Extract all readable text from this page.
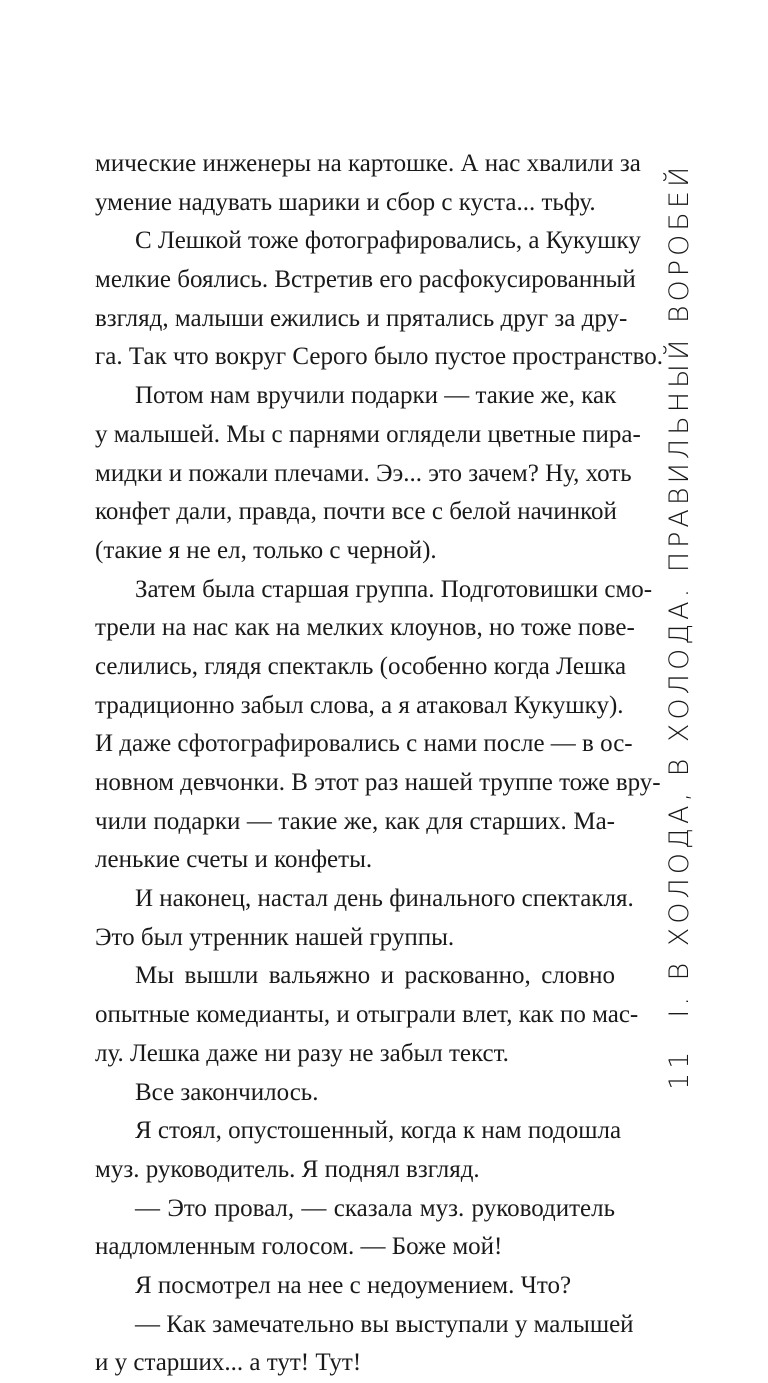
мические инженеры на картошке. А нас хвалили за
умение надувать шарики и сбор с куста... тьфу.
С Лешкой тоже фотографировались, а Кукушку
мелкие боялись. Встретив его расфокусированный
взгляд, малыши ежились и прятались друг за дру-
га. Так что вокруг Серого было пустое пространство.
Потом нам вручили подарки — такие же, как
у малышей. Мы с парнями оглядели цветные пира-
мидки и пожали плечами. Ээ... это зачем? Ну, хоть
конфет дали, правда, почти все с белой начинкой
(такие я не ел, только с черной).
Затем была старшая группа. Подготовишки смо-
трели на нас как на мелких клоунов, но тоже пове-
селились, глядя спектакль (особенно когда Лешка
традиционно забыл слова, а я атаковал Кукушку).
И даже сфотографировались с нами после — в ос-
новном девчонки. В этот раз нашей труппе тоже вру-
чили подарки — такие же, как для старших. Ма-
ленькие счеты и конфеты.
И наконец, настал день финального спектакля.
Это был утренник нашей группы.
Мы вышли вальяжно и раскованно, словно
опытные комедианты, и отыграли влет, как по мас-
лу. Лешка даже ни разу не забыл текст.
Все закончилось.
Я стоял, опустошенный, когда к нам подошла
муз. руководитель. Я поднял взгляд.
— Это провал, — сказала муз. руководитель
надломленным голосом. — Боже мой!
Я посмотрел на нее с недоумением. Что?
— Как замечательно вы выступали у малышей
и у старших... а тут! Тут!
11I. В ХОЛОДА, В ХОЛОДА. ПРАВИЛЬНЫЙ ВОРОБЕЙ
